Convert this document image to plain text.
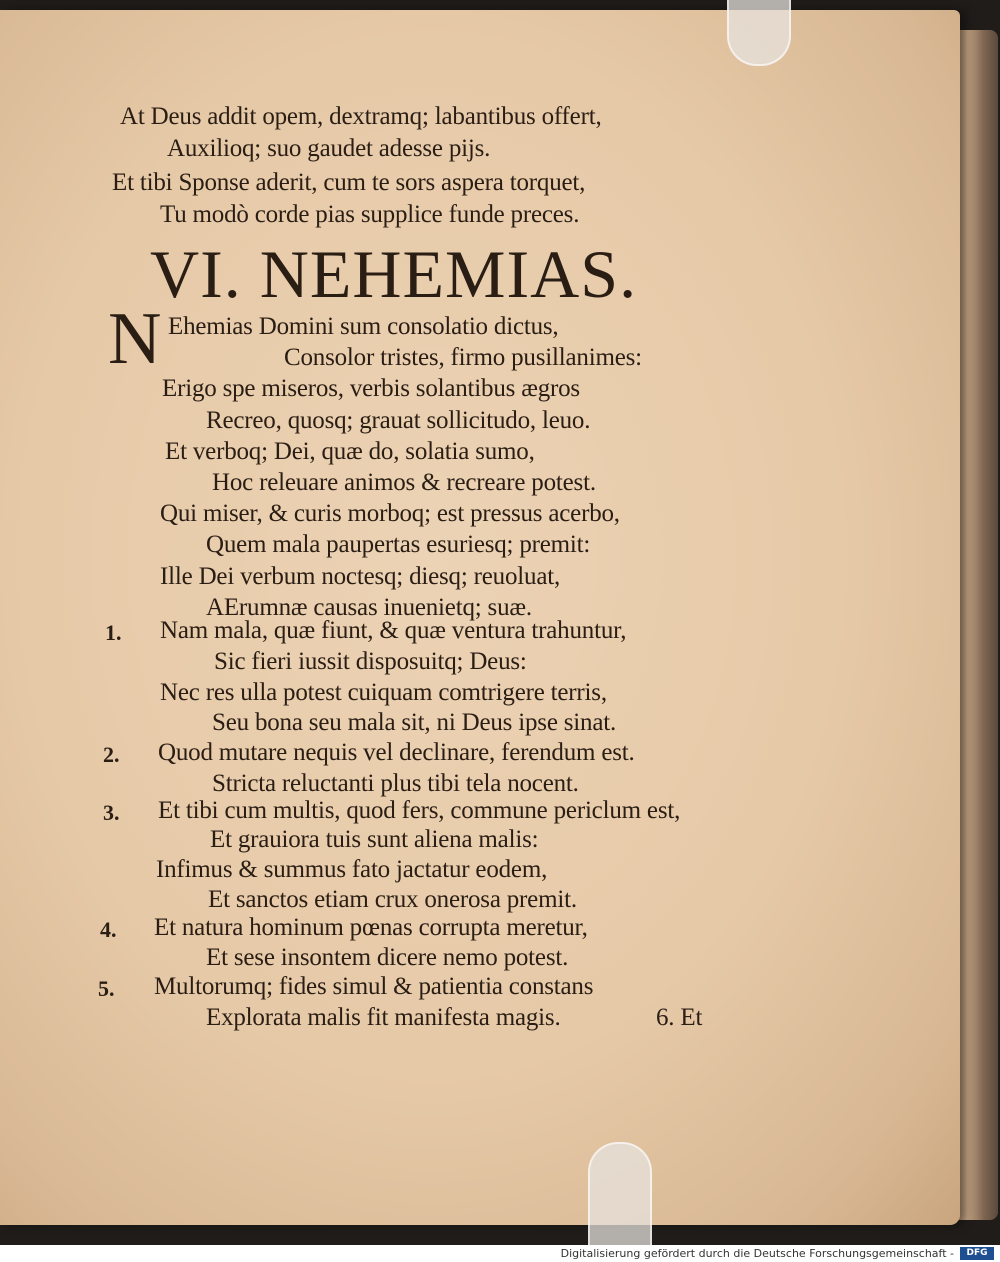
At Deus addit opem, dextramq; labantibus offert,
Auxilioq; suo gaudet adesse pijs.
Et tibi Sponse aderit, cum te sors aspera torquet,
Tu modò corde pias supplice funde preces.
VI. NEHEMIAS.
N Ehemias Domini sum consolatio dictus,
Consolor tristes, firmo pusillanimes:
Erigo spe miseros, verbis solantibus ægros
Recreo, quosq; grauat sollicitudo, leuo.
Et verboq; Dei, quæ do, solatia sumo,
Hoc releuare animos & recreare potest.
Qui miser, & curis morboq; est pressus acerbo,
Quem mala paupertas esuriesq; premit:
Ille Dei verbum noctesq; diesq; reuoluat,
AErumnæ causas inuenietq; suæ.
1. Nam mala, quæ fiunt, & quæ ventura trahuntur,
Sic fieri iussit disposuitq; Deus:
Nec res ulla potest cuiquam comtrigere terris,
Seu bona seu mala sit, ni Deus ipse sinat.
2. Quod mutare nequis vel declinare, ferendum est.
Stricta reluctanti plus tibi tela nocent.
3. Et tibi cum multis, quod fers, commune periclum est,
Et grauiora tuis sunt aliena malis:
Infimus & summus fato jactatur eodem,
Et sanctos etiam crux onerosa premit.
4. Et natura hominum pœnas corrupta meretur,
Et sese insontem dicere nemo potest.
5. Multorumq; fides simul & patientia constans
Explorata malis fit manifesta magis.	6. Et
Digitalisierung gefördert durch die Deutsche Forschungsgemeinschaft -	DFG
